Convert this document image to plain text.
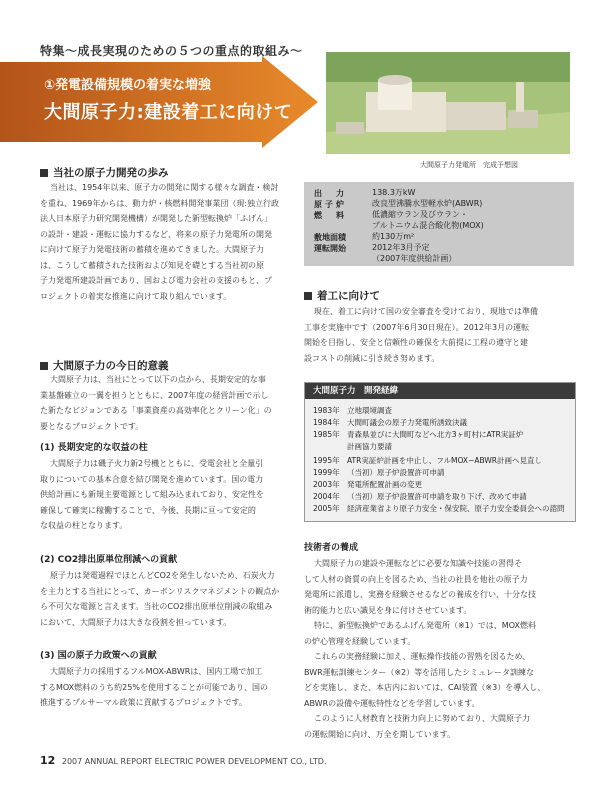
特集〜成長実現のための５つの重点的取組み〜
①発電設備規模の着実な増強
大間原子力:建設着工に向けて
大間原子力発電所　完成予想図
当社の原子力開発の歩み
当社は、1954年以来、原子力の開発に関する様々な調査・検討
を重ね、1969年からは、動力炉・核燃料開発事業団（現:独立行政
法人日本原子力研究開発機構）が開発した新型転換炉「ふげん」
の設計・建設・運転に協力するなど、将来の原子力発電所の開発
に向けて原子力発電技術の蓄積を進めてきました。大間原子力
は、こうして蓄積された技術および知見を礎とする当社初の原
子力発電所建設計画であり、国および電力会社の支援のもと、プ
ロジェクトの着実な推進に向けて取り組んでいます。
大間原子力の今日的意義
大間原子力は、当社にとって以下の点から、長期安定的な事
業基盤確立の一翼を担うとともに、2007年度の経営計画で示し
た新たなビジョンである「事業資産の高効率化とクリーン化」の
要となるプロジェクトです。
(1) 長期安定的な収益の柱
大間原子力は磯子火力新2号機とともに、受電会社と全量引
取りについての基本合意を結び開発を進めています。国の電力
供給計画にも新規主要電源として組み込まれており、安定性を
確保して確実に稼働することで、今後、長期に亘って安定的
な収益の柱となります。
(2) CO2排出原単位削減への貢献
原子力は発電過程でほとんどCO2を発生しないため、石炭火力
を主力とする当社にとって、カーボンリスクマネジメントの観点か
ら不可欠な電源と言えます。当社のCO2排出原単位削減の取組み
において、大間原子力は大きな役割を担っています。
(3) 国の原子力政策への貢献
大間原子力の採用するフルMOX-ABWRは、国内工場で加工
するMOX燃料のうち約25%を使用することが可能であり、国の
推進するプルサーマル政策に貢献するプロジェクトです。
出　力	138.3万kW
原子炉	改良型沸騰水型軽水炉(ABWR)
燃　料	低濃縮ウラン及びウラン・
プルトニウム混合酸化物(MOX)
敷地面積	約130万m²
運転開始	2012年3月予定
（2007年度供給計画）
着工に向けて
現在、着工に向けて国の安全審査を受けており、現地では準備
工事を実施中です（2007年6月30日現在）。2012年3月の運転
開始を目指し、安全と信頼性の確保を大前提に工程の遵守と建
設コストの削減に引き続き努めます。
大間原子力　開発経緯
1983年 立地環境調査
1984年 大間町議会の原子力発電所誘致決議
1985年 青森県並びに大間町などへ北方3ヶ町村にATR実証炉
計画協力要請
1995年 ATR実証炉計画を中止し、フルMOX−ABWR計画へ見直し
1999年 （当初）原子炉設置許可申請
2003年 発電所配置計画の変更
2004年 （当初）原子炉設置許可申請を取り下げ、改めて申請
2005年 経済産業省より原子力安全・保安院、原子力安全委員会への諮問
技術者の養成
大間原子力の建設や運転などに必要な知識や技能の習得そ
して人材の資質の向上を図るため、当社の社員を他社の原子力
発電所に派遣し、実務を経験させるなどの養成を行い、十分な技
術的能力と広い識見を身に付けさせています。
特に、新型転換炉であるふげん発電所（※1）では、MOX燃料
の炉心管理を経験しています。
これらの実務経験に加え、運転操作技能の習熟を図るため、
BWR運転訓練センター（※2）等を活用したシミュレータ訓練な
どを実施し、また、本店内においては、CAI装置（※3）を導入し、
ABWRの設備や運転特性などを学習しています。
このように人材教育と技術力向上に努めており、大間原子力
の運転開始に向け、万全を期しています。
12 2007 ANNUAL REPORT ELECTRIC POWER DEVELOPMENT CO., LTD.
